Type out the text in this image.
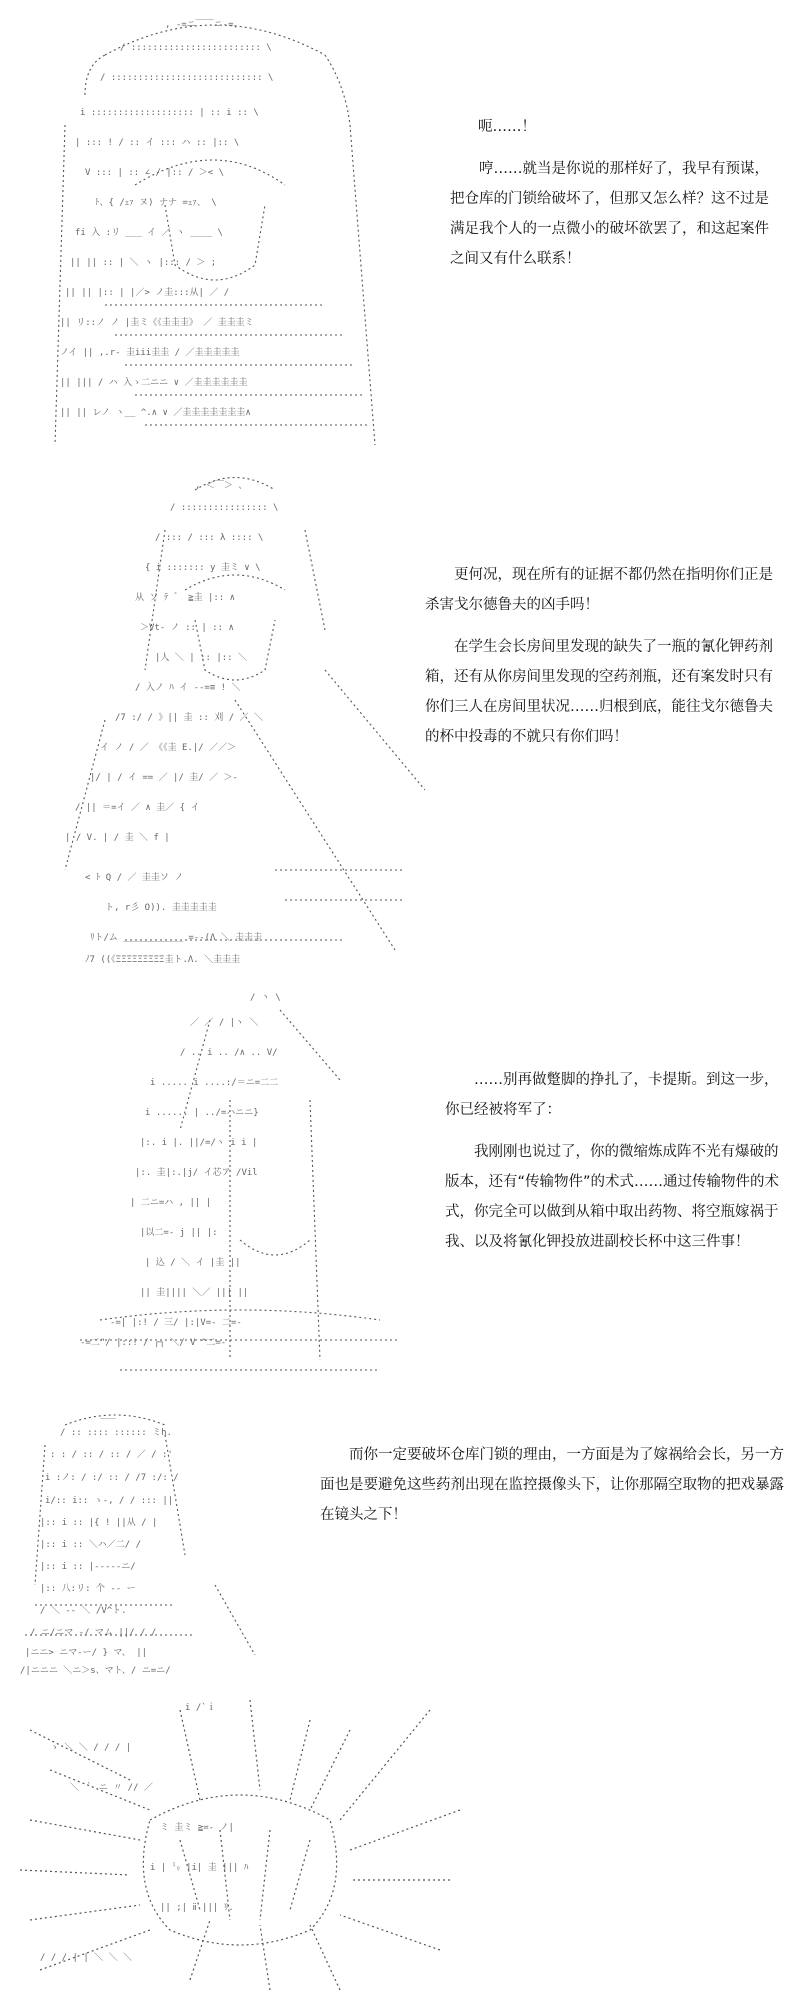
, -=ニ￣￣ニ-=、
/ :::::::::::::::::::::::: \
/ :::::::::::::::::::::::::::: \
i ::::::::::::::::::: | :: i :: \
| ::: ! / :: イ ::: ハ :: |:: \
V ::: | :: ∠ / |:: / ＞< \
ﾄ、{ /ｪｧ ヌ) ナナ =ｪｧ、 \
fi 入 :リ ___ イ ／ ヽ ____ \
|| || :: | ＼ ヽ |::: / ＞ ;
|| || |:: | |／> ノ圭:::从| ／ /
|| リ::ノ ノ |圭ミ《《圭圭圭》 ／ 圭圭圭ミ
ノイ || ,.r- 圭iii圭圭 / ／圭圭圭圭圭
|| ||| / ハ 入ゝ二ニニ ∨ ／圭圭圭圭圭圭
|| || レノ ヽ__ ^.∧ ∨ ／圭圭圭圭圭圭圭∧

呃……！

哼……就当是你说的那样好了，我早有预谋，把仓库的门锁给破坏了，但那又怎么样？这不过是满足我个人的一点微小的破坏欲罢了，和这起案件之间又有什么联系！

, ＜￣＞ 、
/ :::::::::::::::: \
/ ::: / ::: λ :::: \
{ i ::::::: y 圭ミ ∨ \
从 ソ ﾃ ゛ ≧圭 |:: ∧
＞Vt- ノ :: | :: ∧
|人 ＼ | :: |:: ＼
/ 入ノ ﾊ イ --=≡ ! ＼
/7 :/ / 》|| 圭 :: 刈 / ／ ＼
イ ノ / ／ 《《圭 E.|/ ／／＞
|/ | / イ == ／ |/ 圭/ ／ ＞-
/ || ＝=イ ／ ∧ 圭／ { イ
| / V. | / 圭 ＼ f |
< ﾄ Q / ／ 圭圭ソ ノ
ト, r彡 O)). 圭圭圭圭圭
ﾘト/ム ___________ =--(Λ ＼ 圭圭圭
ﾉ7 ((《ΞΞΞΞΞΞΞΞΞ圭ト.Λ. ＼圭圭圭

更何况，现在所有的证据不都仍然在指明你们正是杀害戈尔德鲁夫的凶手吗！

在学生会长房间里发现的缺失了一瓶的氰化钾药剂箱，还有从你房间里发现的空药剂瓶，还有案发时只有你们三人在房间里状况……归根到底，能往戈尔德鲁夫的杯中投毒的不就只有你们吗！

/ 丶 \
／ ／ / |ヽ ＼
/ .. i .. /∧ .. V/
i ..... i ....:/＝ニ=二二
i ...... | ../=ハニニ}
|:. i |. ||/=/ヽ i i |
|:. 圭|:.|j/ イ芯ア /Vil
| 二ニ=ハ , || |
|以二=- j || |:
| 込 / ＼ イ |圭 ||
|| 圭|||| ＼／ ||| ||
-=| |:! / 三/ |:|V=- 二=-
-=二"/ |::! / ┌┐ ＼/ V ^二=-

……别再做蹩脚的挣扎了，卡提斯。到这一步，你已经被将军了：

我刚刚也说过了，你的微缩炼成阵不光有爆破的版本，还有“传输物件”的术式……通过传输物件的术式，你完全可以做到从箱中取出药物、将空瓶嫁祸于我、以及将氰化钾投放进副校长杯中这三件事！

___
/ :: :::: :::::: ミh.
: : / :: / :: / ／ / :'
i :ノ: / :/ :: / /7 :/: /
i/:: i:: ゝ-, / / ::: ||
|:: i :: |{ ! ||从 / |
|:: i :: ＼ハ／二/ /
|:: i :: |-----ニ/
|:: 八:リ: 个 -- ー
/ ＼ -- ＼ /V^ト.
/ ニ/ニマ -/ マム ||/ / /
|ニニ> ニマ-ー/ } マ、 ||
/|ニニニ ＼ニ＞s、マト、/ ニ=ニ/

而你一定要破坏仓库门锁的理由，一方面是为了嫁祸给会长，另一方面也是要避免这些药剂出现在监控摄像头下，让你那隔空取物的把戏暴露在镜头之下！

i /`ｉ
ゝ ＼ ＼ / / / |
＼ ｀ ニ 〃 // ／
ミ 圭ミ ≧=- ノ|
i | ㍉ |i| 圭 ||| ﾊ
|| ;| ⅱ ||| ﾘ.
/ / / | | ＼ ＼ ＼
